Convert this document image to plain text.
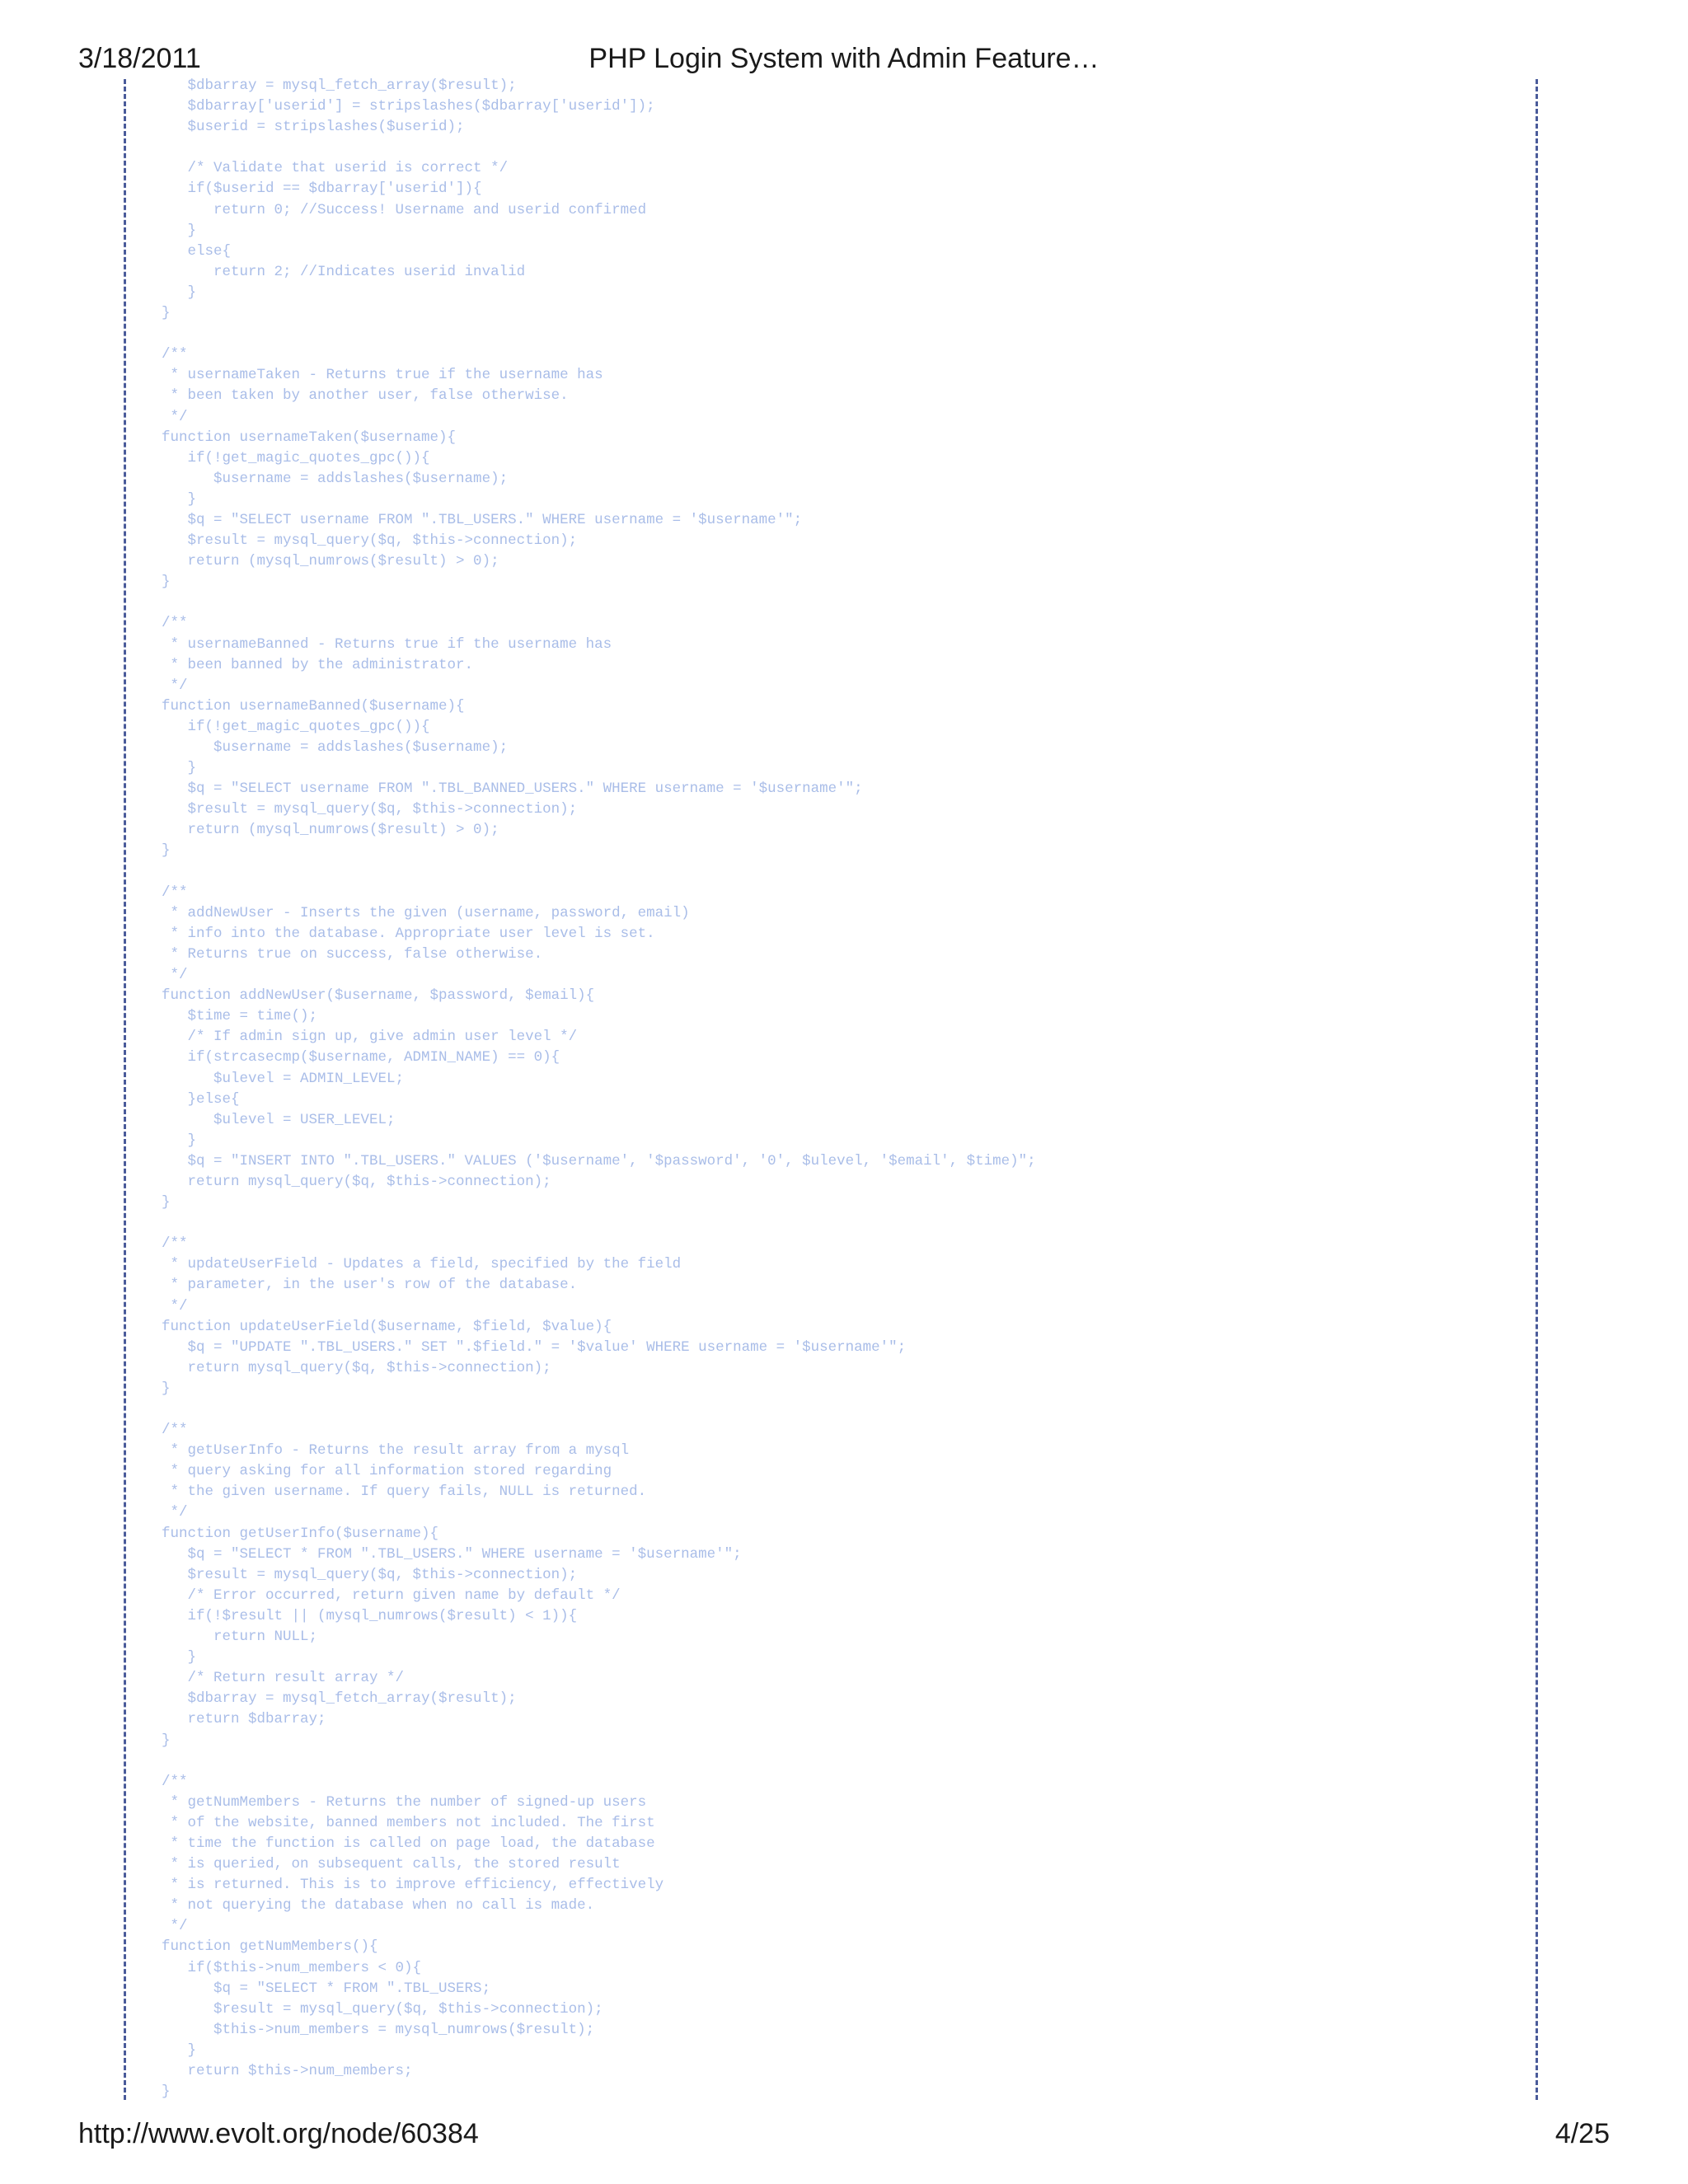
3/18/2011	PHP Login System with Admin Feature…
$dbarray = mysql_fetch_array($result);
$dbarray['userid'] = stripslashes($dbarray['userid']);
$userid = stripslashes($userid);
/* Validate that userid is correct */
if($userid == $dbarray['userid']){
return 0; //Success! Username and userid confirmed
}
else{
return 2; //Indicates userid invalid
}
}
/**
* usernameTaken - Returns true if the username has
* been taken by another user, false otherwise.
*/
function usernameTaken($username){
if(!get_magic_quotes_gpc()){
$username = addslashes($username);
}
$q = "SELECT username FROM ".TBL_USERS." WHERE username = '$username'";
$result = mysql_query($q, $this->connection);
return (mysql_numrows($result) > 0);
}
/**
* usernameBanned - Returns true if the username has
* been banned by the administrator.
*/
function usernameBanned($username){
if(!get_magic_quotes_gpc()){
$username = addslashes($username);
}
$q = "SELECT username FROM ".TBL_BANNED_USERS." WHERE username = '$username'";
$result = mysql_query($q, $this->connection);
return (mysql_numrows($result) > 0);
}
/**
* addNewUser - Inserts the given (username, password, email)
* info into the database. Appropriate user level is set.
* Returns true on success, false otherwise.
*/
function addNewUser($username, $password, $email){
$time = time();
/* If admin sign up, give admin user level */
if(strcasecmp($username, ADMIN_NAME) == 0){
$ulevel = ADMIN_LEVEL;
}else{
$ulevel = USER_LEVEL;
}
$q = "INSERT INTO ".TBL_USERS." VALUES ('$username', '$password', '0', $ulevel, '$email', $time)";
return mysql_query($q, $this->connection);
}
/**
* updateUserField - Updates a field, specified by the field
* parameter, in the user's row of the database.
*/
function updateUserField($username, $field, $value){
$q = "UPDATE ".TBL_USERS." SET ".$field." = '$value' WHERE username = '$username'";
return mysql_query($q, $this->connection);
}
/**
* getUserInfo - Returns the result array from a mysql
* query asking for all information stored regarding
* the given username. If query fails, NULL is returned.
*/
function getUserInfo($username){
$q = "SELECT * FROM ".TBL_USERS." WHERE username = '$username'";
$result = mysql_query($q, $this->connection);
/* Error occurred, return given name by default */
if(!$result || (mysql_numrows($result) < 1)){
return NULL;
}
/* Return result array */
$dbarray = mysql_fetch_array($result);
return $dbarray;
}
/**
* getNumMembers - Returns the number of signed-up users
* of the website, banned members not included. The first
* time the function is called on page load, the database
* is queried, on subsequent calls, the stored result
* is returned. This is to improve efficiency, effectively
* not querying the database when no call is made.
*/
function getNumMembers(){
if($this->num_members < 0){
$q = "SELECT * FROM ".TBL_USERS;
$result = mysql_query($q, $this->connection);
$this->num_members = mysql_numrows($result);
}
return $this->num_members;
}
http://www.evolt.org/node/60384	4/25
